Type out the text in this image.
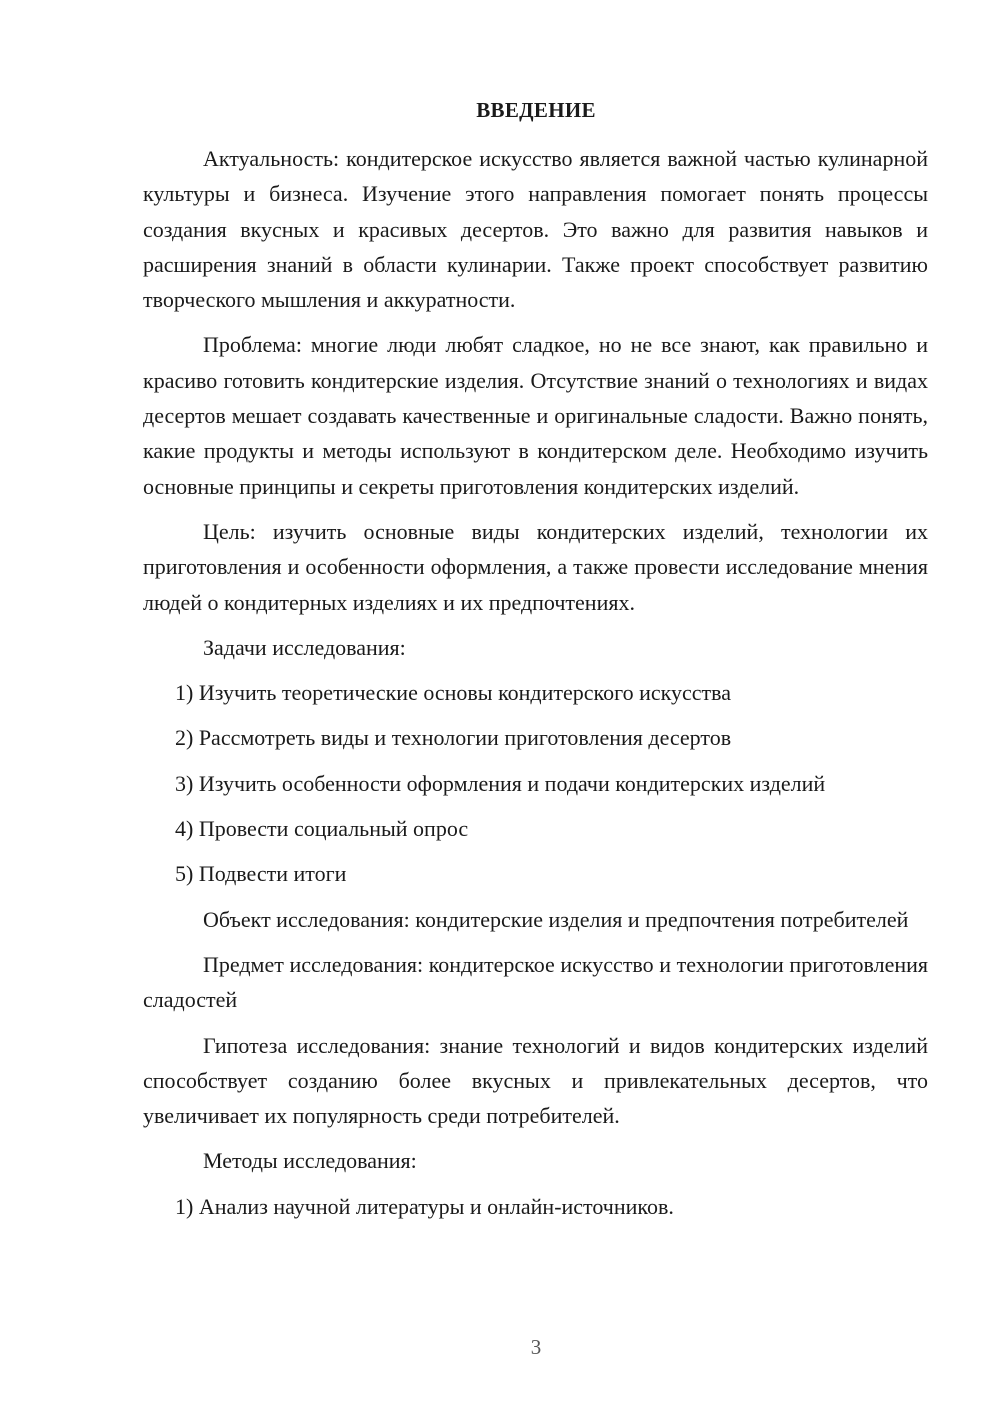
ВВЕДЕНИЕ

Актуальность: кондитерское искусство является важной частью кулинарной культуры и бизнеса. Изучение этого направления помогает понять процессы создания вкусных и красивых десертов. Это важно для развития навыков и расширения знаний в области кулинарии. Также проект способствует развитию творческого мышления и аккуратности.

Проблема: многие люди любят сладкое, но не все знают, как правильно и красиво готовить кондитерские изделия. Отсутствие знаний о технологиях и видах десертов мешает создавать качественные и оригинальные сладости. Важно понять, какие продукты и методы используют в кондитерском деле. Необходимо изучить основные принципы и секреты приготовления кондитерских изделий.

Цель: изучить основные виды кондитерских изделий, технологии их приготовления и особенности оформления, а также провести исследование мнения людей о кондитерных изделиях и их предпочтениях.

Задачи исследования:

1) Изучить теоретические основы кондитерского искусства

2) Рассмотреть виды и технологии приготовления десертов

3) Изучить особенности оформления и подачи кондитерских изделий

4) Провести социальный опрос

5) Подвести итоги

Объект исследования: кондитерские изделия и предпочтения потребителей

Предмет исследования: кондитерское искусство и технологии приготовления сладостей

Гипотеза исследования: знание технологий и видов кондитерских изделий способствует созданию более вкусных и привлекательных десертов, что увеличивает их популярность среди потребителей.

Методы исследования:

1) Анализ научной литературы и онлайн-источников.

3
